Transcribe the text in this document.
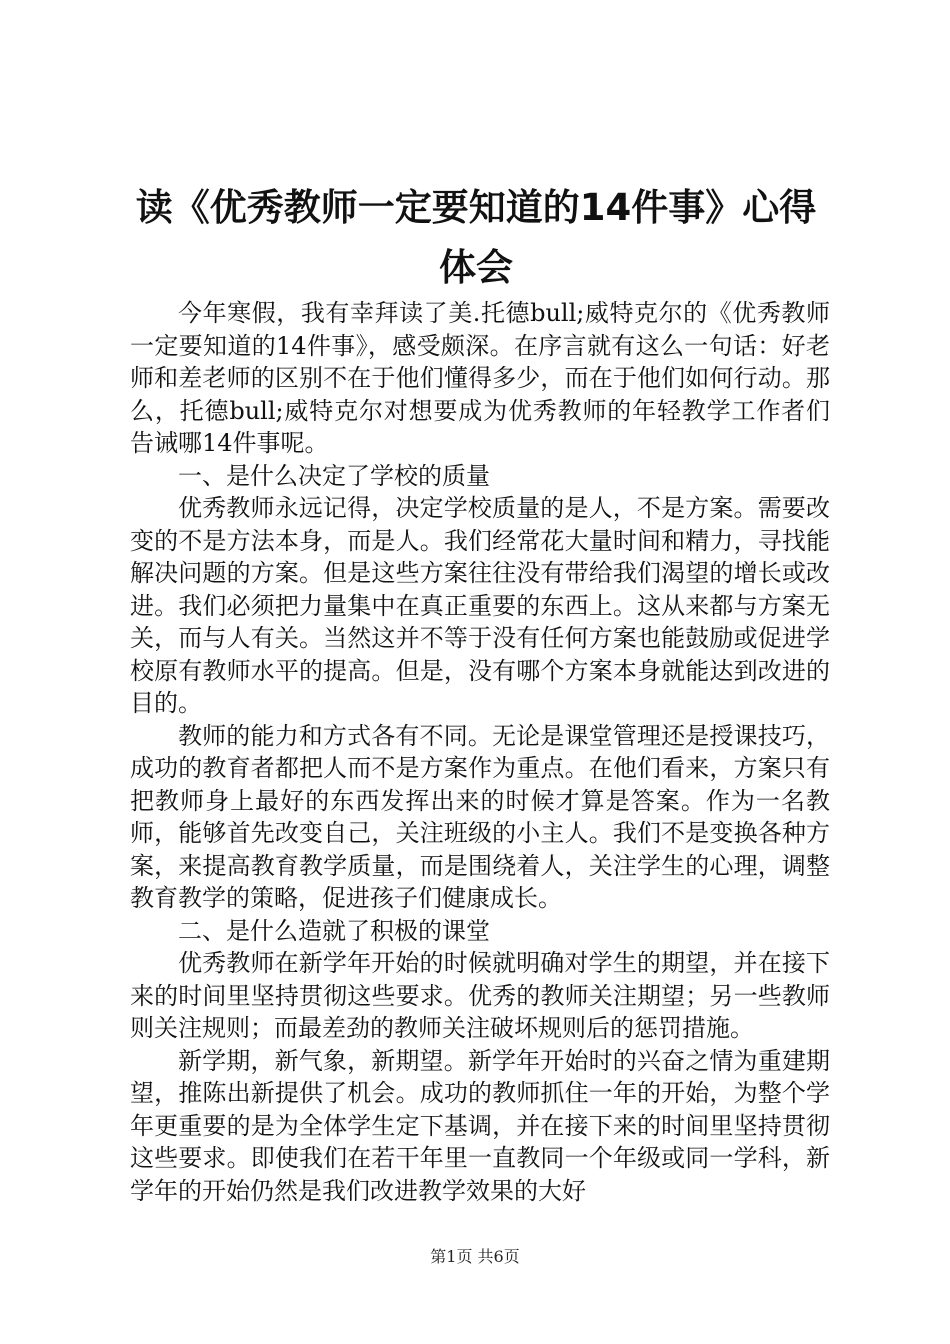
读《优秀教师一定要知道的14件事》心得体会

今年寒假，我有幸拜读了美.托德bull;威特克尔的《优秀教师一定要知道的14件事》，感受颇深。在序言就有这么一句话：好老师和差老师的区别不在于他们懂得多少，而在于他们如何行动。那么，托德bull;威特克尔对想要成为优秀教师的年轻教学工作者们告诫哪14件事呢。

一、是什么决定了学校的质量

优秀教师永远记得，决定学校质量的是人，不是方案。需要改变的不是方法本身，而是人。我们经常花大量时间和精力，寻找能解决问题的方案。但是这些方案往往没有带给我们渴望的增长或改进。我们必须把力量集中在真正重要的东西上。这从来都与方案无关，而与人有关。当然这并不等于没有任何方案也能鼓励或促进学校原有教师水平的提高。但是，没有哪个方案本身就能达到改进的目的。

教师的能力和方式各有不同。无论是课堂管理还是授课技巧，成功的教育者都把人而不是方案作为重点。在他们看来，方案只有把教师身上最好的东西发挥出来的时候才算是答案。作为一名教师，能够首先改变自己，关注班级的小主人。我们不是变换各种方案，来提高教育教学质量，而是围绕着人，关注学生的心理，调整教育教学的策略，促进孩子们健康成长。

二、是什么造就了积极的课堂

优秀教师在新学年开始的时候就明确对学生的期望，并在接下来的时间里坚持贯彻这些要求。优秀的教师关注期望；另一些教师则关注规则；而最差劲的教师关注破坏规则后的惩罚措施。

新学期，新气象，新期望。新学年开始时的兴奋之情为重建期望，推陈出新提供了机会。成功的教师抓住一年的开始，为整个学年更重要的是为全体学生定下基调，并在接下来的时间里坚持贯彻这些要求。即使我们在若干年里一直教同一个年级或同一学科，新学年的开始仍然是我们改进教学效果的大好

第1页 共6页
